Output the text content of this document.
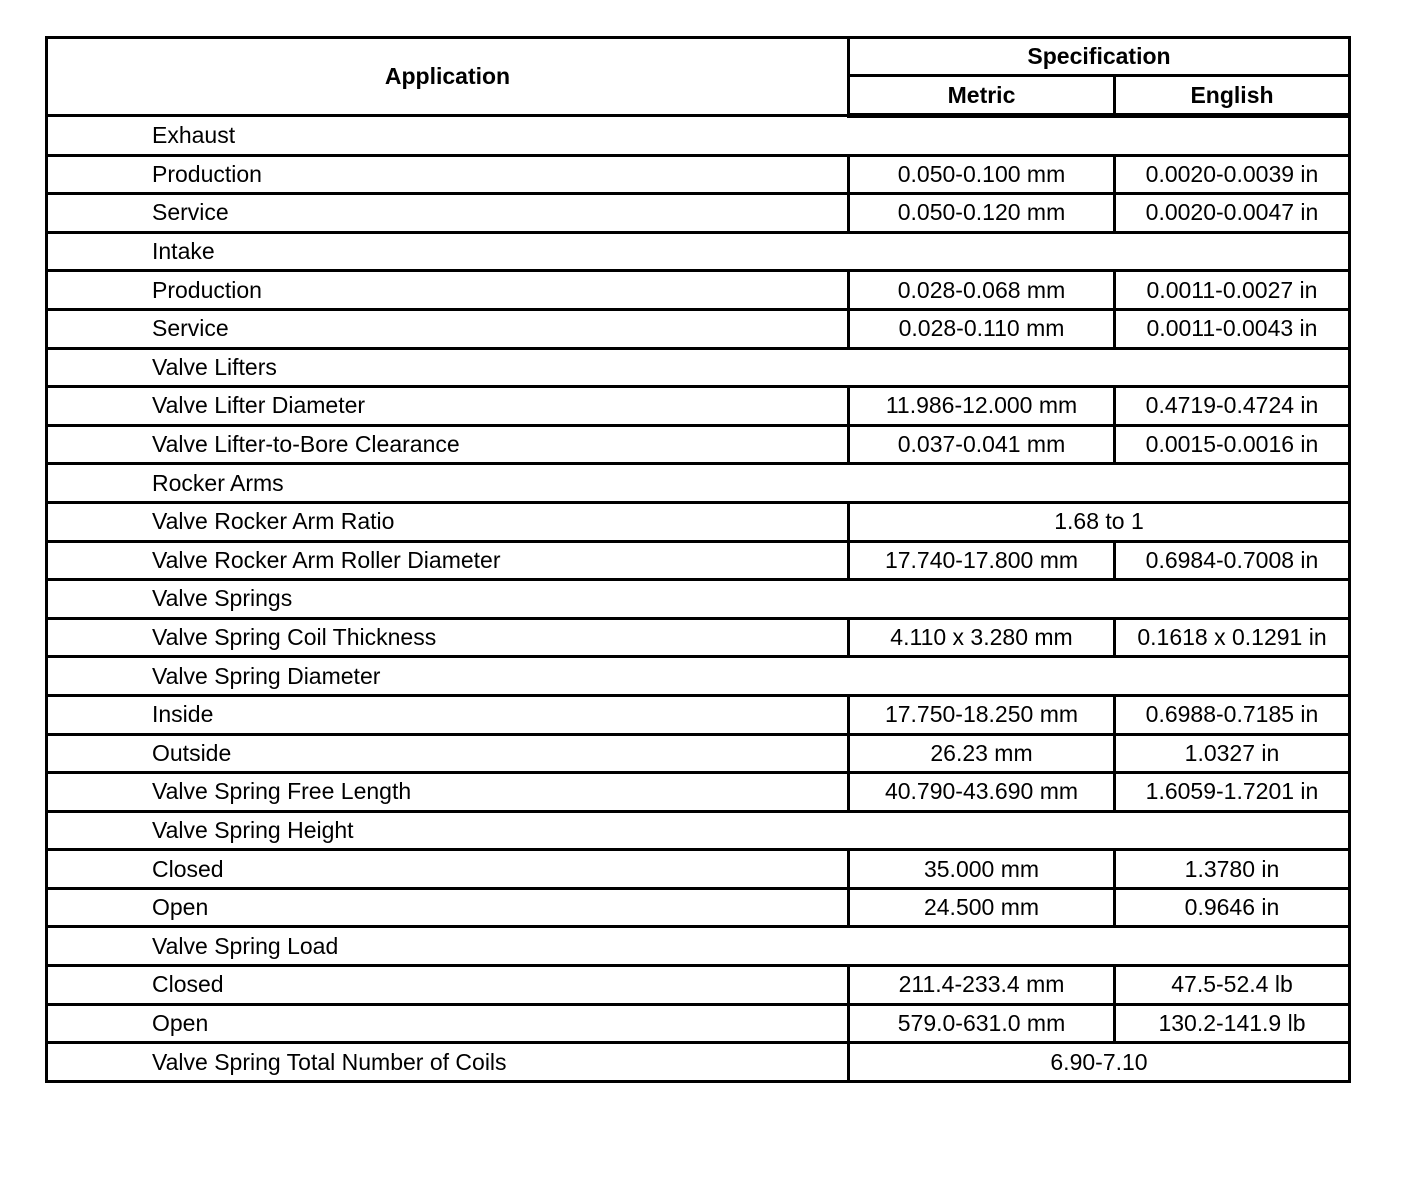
Application	Specification	
	Metric	English
Exhaust		
Production	0.050-0.100 mm	0.0020-0.0039 in
Service	0.050-0.120 mm	0.0020-0.0047 in
Intake		
Production	0.028-0.068 mm	0.0011-0.0027 in
Service	0.028-0.110 mm	0.0011-0.0043 in
Valve Lifters		
Valve Lifter Diameter	11.986-12.000 mm	0.4719-0.4724 in
Valve Lifter-to-Bore Clearance	0.037-0.041 mm	0.0015-0.0016 in
Rocker Arms		
Valve Rocker Arm Ratio	1.68 to 1	
Valve Rocker Arm Roller Diameter	17.740-17.800 mm	0.6984-0.7008 in
Valve Springs		
Valve Spring Coil Thickness	4.110 x 3.280 mm	0.1618 x 0.1291 in
Valve Spring Diameter		
Inside	17.750-18.250 mm	0.6988-0.7185 in
Outside	26.23 mm	1.0327 in
Valve Spring Free Length	40.790-43.690 mm	1.6059-1.7201 in
Valve Spring Height		
Closed	35.000 mm	1.3780 in
Open	24.500 mm	0.9646 in
Valve Spring Load		
Closed	211.4-233.4 mm	47.5-52.4 lb
Open	579.0-631.0 mm	130.2-141.9 lb
Valve Spring Total Number of Coils	6.90-7.10	
